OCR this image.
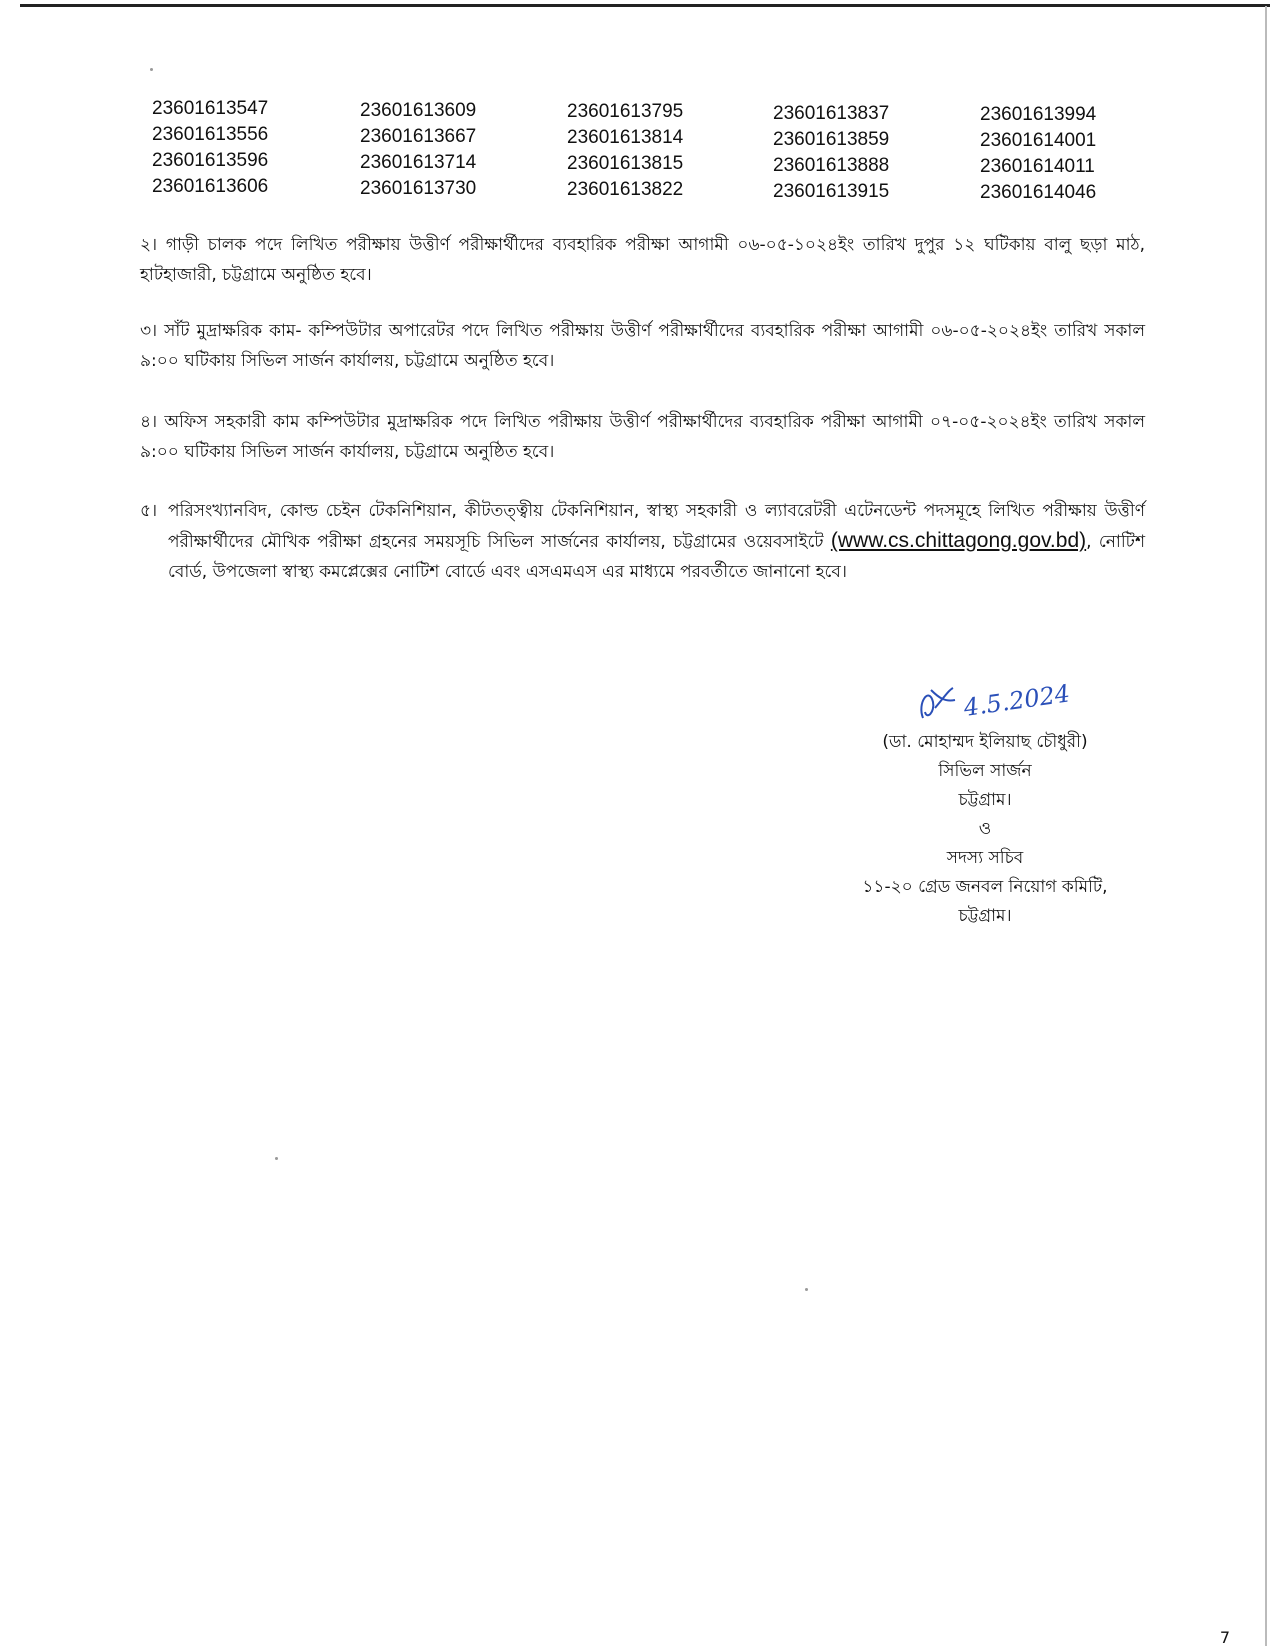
23601613547
23601613556
23601613596
23601613606
23601613609
23601613667
23601613714
23601613730
23601613795
23601613814
23601613815
23601613822
23601613837
23601613859
23601613888
23601613915
23601613994
23601614001
23601614011
23601614046
২। গাড়ী চালক পদে লিখিত পরীক্ষায় উত্তীর্ণ পরীক্ষার্থীদের ব্যবহারিক পরীক্ষা আগামী ০৬-০৫-১০২৪ইং তারিখ দুপুর ১২ ঘটিকায় বালু ছড়া মাঠ, হাটহাজারী, চট্টগ্রামে অনুষ্ঠিত হবে।
৩। সাঁট মুদ্রাক্ষরিক কাম- কম্পিউটার অপারেটর পদে লিখিত পরীক্ষায় উত্তীর্ণ পরীক্ষার্থীদের ব্যবহারিক পরীক্ষা আগামী ০৬-০৫-২০২৪ইং তারিখ সকাল ৯:০০ ঘটিকায় সিভিল সার্জন কার্যালয়, চট্টগ্রামে অনুষ্ঠিত হবে।
৪। অফিস সহকারী কাম কম্পিউটার মুদ্রাক্ষরিক পদে লিখিত পরীক্ষায় উত্তীর্ণ পরীক্ষার্থীদের ব্যবহারিক পরীক্ষা আগামী ০৭-০৫-২০২৪ইং তারিখ সকাল ৯:০০ ঘটিকায় সিভিল সার্জন কার্যালয়, চট্টগ্রামে অনুষ্ঠিত হবে।
৫। পরিসংখ্যানবিদ, কোল্ড চেইন টেকনিশিয়ান, কীটতত্ত্বীয় টেকনিশিয়ান, স্বাস্থ্য সহকারী ও ল্যাবরেটরী এটেনডেন্ট পদসমূহে লিখিত পরীক্ষায় উত্তীর্ণ পরীক্ষার্থীদের মৌখিক পরীক্ষা গ্রহনের সময়সূচি সিভিল সার্জনের কার্যালয়, চট্টগ্রামের ওয়েবসাইটে (www.cs.chittagong.gov.bd), নোটিশ বোর্ড, উপজেলা স্বাস্থ্য কমপ্লেক্সের নোটিশ বোর্ডে এবং এসএমএস এর মাধ্যমে পরবর্তীতে জানানো হবে।
4.5.2024
(ডা. মোহাম্মদ ইলিয়াছ চৌধুরী)
সিভিল সার্জন
চট্টগ্রাম।
ও
সদস্য সচিব
১১-২০ গ্রেড জনবল নিয়োগ কমিটি,
চট্টগ্রাম।
7
